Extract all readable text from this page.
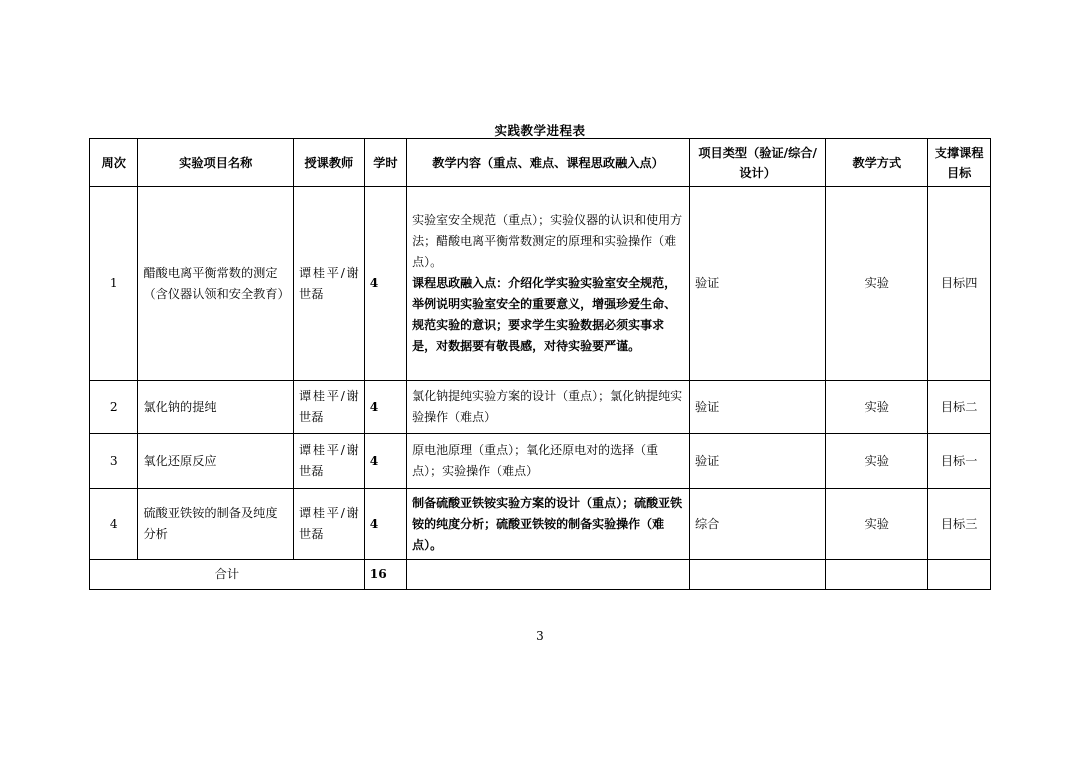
实践教学进程表
周次	实验项目名称	授课教师	学时	教学内容（重点、难点、课程思政融入点）	项目类型（验证/综合/设计）	教学方式	支撑课程目标
1	醋酸电离平衡常数的测定（含仪器认领和安全教育）	谭桂平/谢世磊	4	实验室安全规范（重点）；实验仪器的认识和使用方法；醋酸电离平衡常数测定的原理和实验操作（难点）。
课程思政融入点：介绍化学实验实验室安全规范，举例说明实验室安全的重要意义，增强珍爱生命、规范实验的意识；要求学生实验数据必须实事求是，对数据要有敬畏感，对待实验要严谨。	验证	实验	目标四
2	氯化钠的提纯	谭桂平/谢世磊	4	氯化钠提纯实验方案的设计（重点）；氯化钠提纯实验操作（难点）	验证	实验	目标二
3	氧化还原反应	谭桂平/谢世磊	4	原电池原理（重点）；氧化还原电对的选择（重点）；实验操作（难点）	验证	实验	目标一
4	硫酸亚铁铵的制备及纯度分析	谭桂平/谢世磊	4	制备硫酸亚铁铵实验方案的设计（重点）；硫酸亚铁铵的纯度分析；硫酸亚铁铵的制备实验操作（难点）。	综合	实验	目标三
合计			16				
3
